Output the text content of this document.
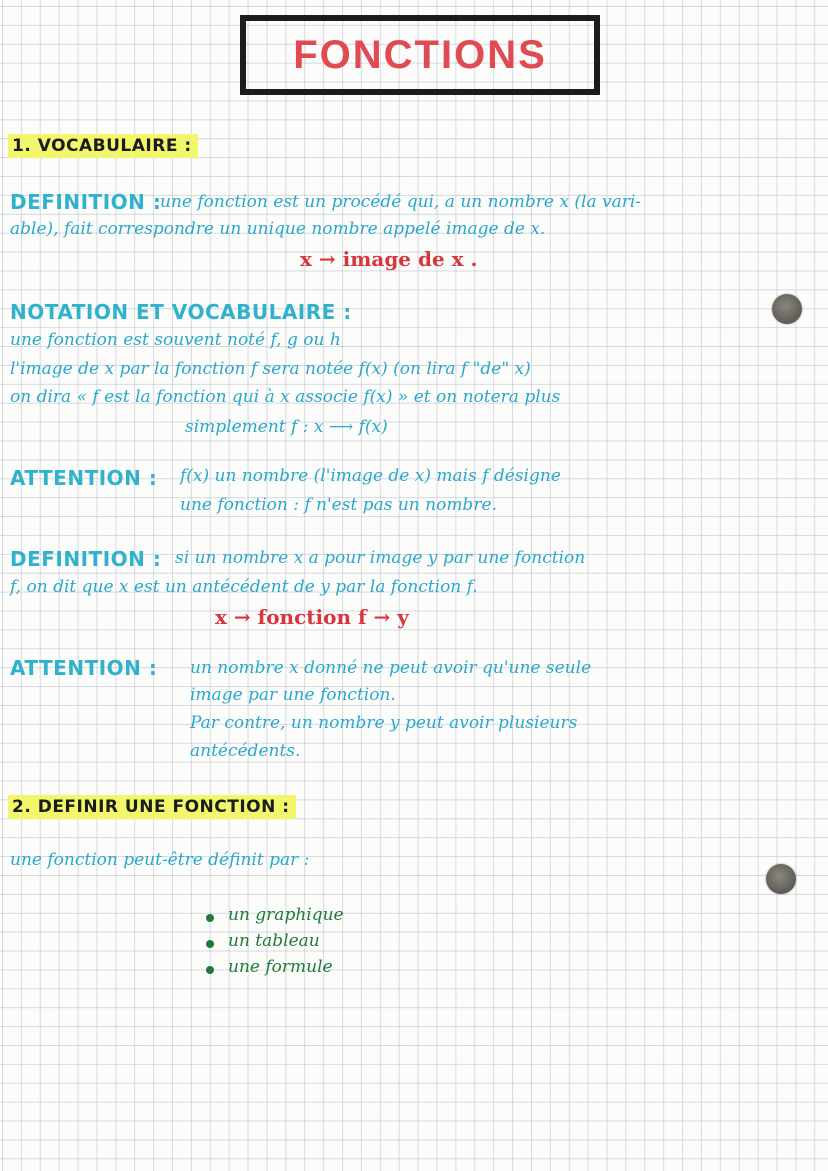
FONCTIONS
1. VOCABULAIRE :
DEFINITION :
une fonction est un procédé qui, a un nombre x (la vari-
able), fait correspondre un unique nombre appelé image de x.
x → image de x .
NOTATION ET VOCABULAIRE :
une fonction est souvent noté f, g ou h
l'image de x par la fonction f sera notée f(x) (on lira f "de" x)
on dira « f est la fonction qui à x associe f(x) » et on notera plus
simplement f : x ⟶ f(x)
ATTENTION : f(x) un nombre (l'image de x) mais f désigne
une fonction : f n'est pas un nombre.
DEFINITION : si un nombre x a pour image y par une fonction
f, on dit que x est un antécédent de y par la fonction f.
x → fonction f → y
ATTENTION : un nombre x donné ne peut avoir qu'une seule
image par une fonction.
Par contre, un nombre y peut avoir plusieurs
antécédents.
2. DEFINIR UNE FONCTION :
une fonction peut-être définit par :
un graphique
un tableau
une formule
